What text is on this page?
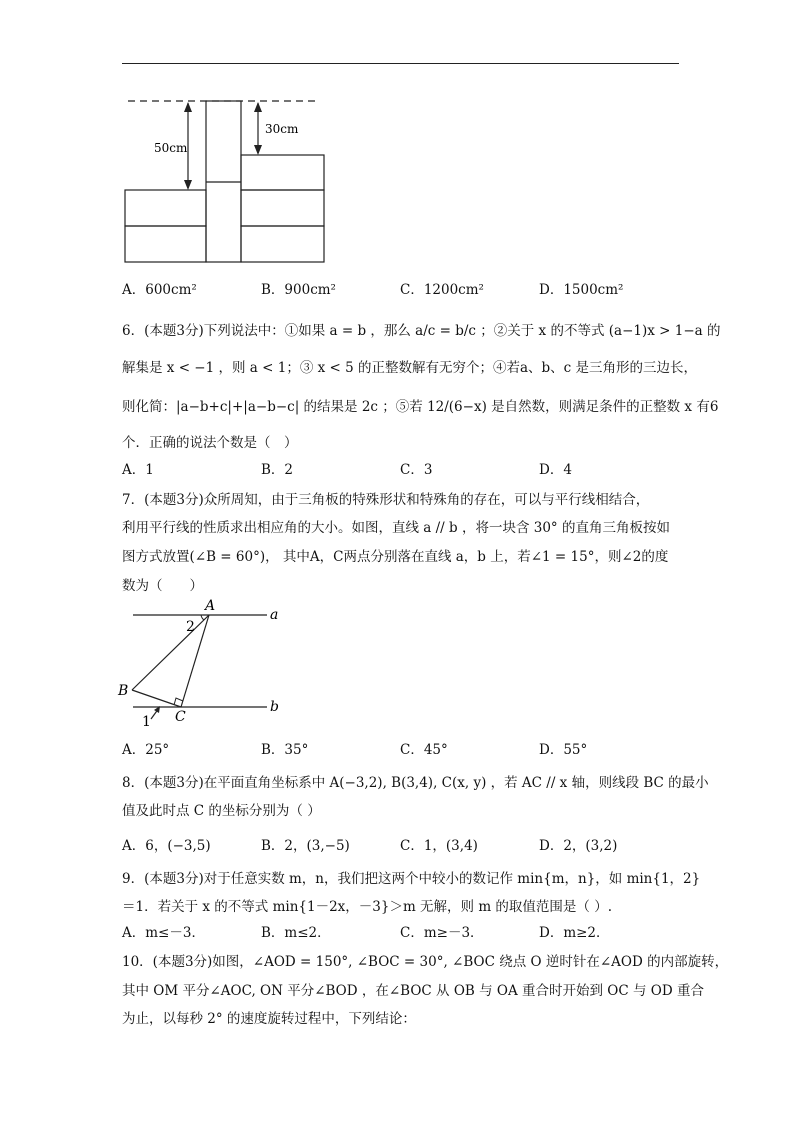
50cm
30cm
A．600cm²	B．900cm²	C．1200cm²	D．1500cm²
6．(本题3分)下列说法中：①如果 a = b ，那么 a/c = b/c ；②关于 x 的不等式 (a−1)x > 1−a 的
解集是 x < −1 ，则 a < 1；③ x < 5 的正整数解有无穷个；④若a、b、c 是三角形的三边长，
则化简：|a−b+c|+|a−b−c| 的结果是 2c ；⑤若 12/(6−x) 是自然数，则满足条件的正整数 x 有6
个．正确的说法个数是（　）
A．1	B．2	C．3	D．4
7．(本题3分)众所周知，由于三角板的特殊形状和特殊角的存在，可以与平行线相结合，
利用平行线的性质求出相应角的大小。如图，直线 a // b ，将一块含 30° 的直角三角板按如
图方式放置(∠B = 60°)， 其中A，C两点分别落在直线 a，b 上，若∠1 = 15°，则∠2的度
数为（　　）
A
2
a
B
C
1
b
A．25°	B．35°	C．45°	D．55°
8．(本题3分)在平面直角坐标系中 A(−3,2), B(3,4), C(x, y) ，若 AC // x 轴，则线段 BC 的最小
值及此时点 C 的坐标分别为（ ）
A．6，(−3,5)	B．2，(3,−5)	C．1，(3,4)	D．2，(3,2)
9．(本题3分)对于任意实数 m，n，我们把这两个中较小的数记作 min{m，n}，如 min{1，2}
＝1．若关于 x 的不等式 min{1－2x，－3}＞m 无解，则 m 的取值范围是（ ）.
A．m≤－3．	B．m≤2．	C．m≥－3．	D．m≥2．
10．(本题3分)如图，∠AOD = 150°, ∠BOC = 30°, ∠BOC 绕点 O 逆时针在∠AOD 的内部旋转，
其中 OM 平分∠AOC, ON 平分∠BOD ，在∠BOC 从 OB 与 OA 重合时开始到 OC 与 OD 重合
为止，以每秒 2° 的速度旋转过程中，下列结论：
